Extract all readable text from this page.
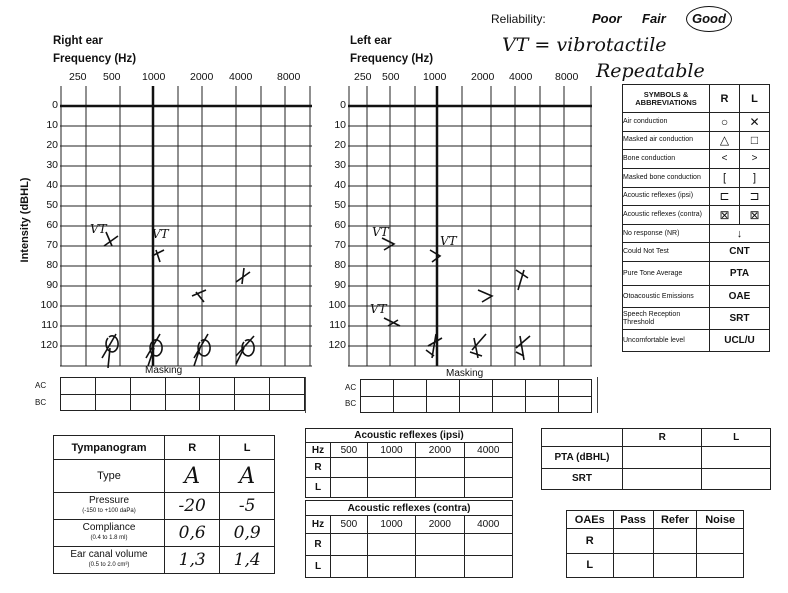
Reliability:	Poor Fair Good
VT = vibrotactile
Repeatable
Right ear
Frequency (Hz)
Left ear
Frequency (Hz)
Intensity (dBHL)
250 500 1000 2000 4000 8000
VT	VT
0
10
20
30
40
50
60
70
80
90
100
110
120
250 500 1000 2000 4000 8000
VT
VT
VT
0
10
20
30
40
50
60
70
80
90
100
110
120
Masking	Masking
AC
BC
AC
BC

SYMBOLS & ABBREVIATIONS	R	L
Air conduction	○	✕
Masked air conduction	△	□
Bone conduction	<	>
Masked bone conduction	[	]
Acoustic reflexes (ipsi)	⊏	⊐
Acoustic reflexes (contra)	⊠	⊠
No response (NR)	↓	
Could Not Test	CNT	
Pure Tone Average	PTA	
Otoacoustic Emissions	OAE	
Speech Reception Threshold	SRT	
Uncomfortable level	UCL/U	
Tympanogram	R	L
Type	A	A

Pressure
(-150 to +100 daPa)	-20	-5

Compliance
(0.4 to 1.8 ml)	0,6	0,9

Ear canal volume
(0.5 to 2.0 cm³)	1,3	1,4
Acoustic reflexes (ipsi)				
Hz	500	1000	2000	4000
R				
L				
Acoustic reflexes (contra)				
Hz	500	1000	2000	4000
R				
L				
	R	L
PTA (dBHL)		
SRT		
OAEs	Pass	Refer	Noise
R			
L			
